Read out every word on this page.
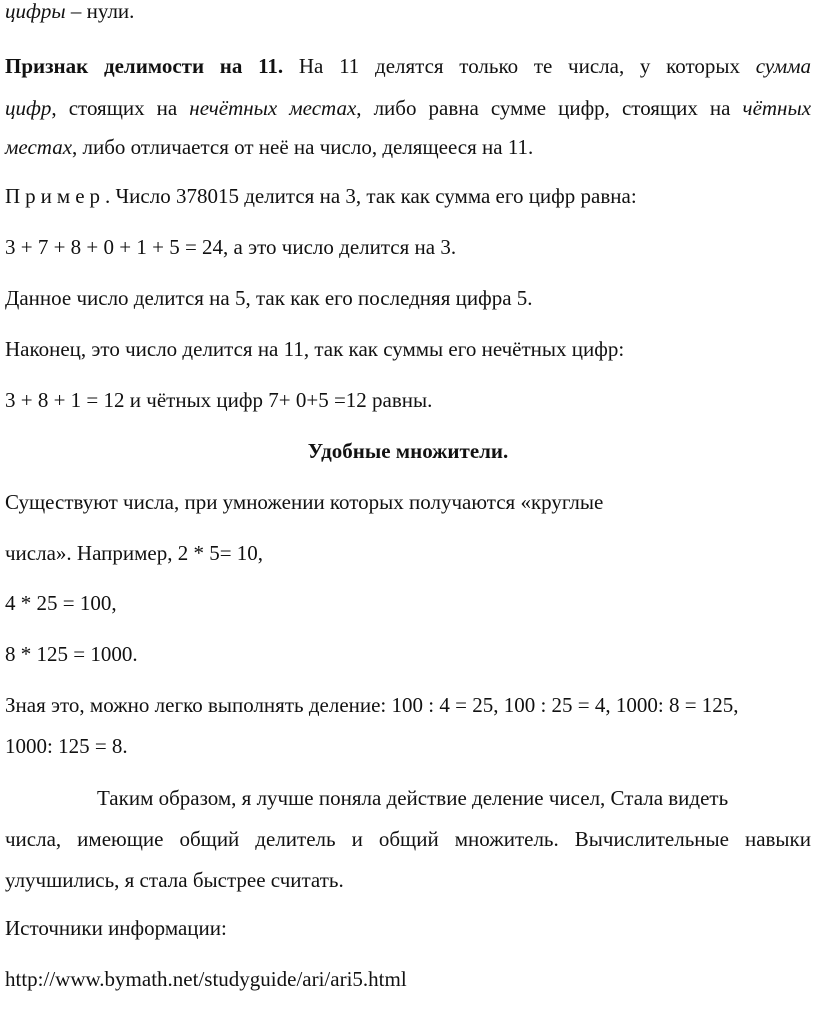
цифры – нули.
Признак делимости на 11. На 11 делятся только те числа, у которых сумма
цифр, стоящих на нечётных местах, либо равна сумме цифр, стоящих на чётных
местах, либо отличается от неё на число, делящееся на 11.
Пример. Число 378015 делится на 3, так как сумма его цифр равна:
3 + 7 + 8 + 0 + 1 + 5 = 24, а это число делится на 3.
Данное число делится на 5, так как его последняя цифра 5.
Наконец, это число делится на 11, так как суммы его нечётных цифр:
3 + 8 + 1 = 12 и чётных цифр 7+ 0+5 =12 равны.
Удобные множители.
Существуют числа, при умножении которых получаются «круглые
числа». Например, 2 * 5= 10,
4 * 25 = 100,
8 * 125 = 1000.
Зная это, можно легко выполнять деление: 100 : 4 = 25, 100 : 25 = 4, 1000: 8 = 125,
1000: 125 = 8.
Таким образом, я лучше поняла действие деление чисел, Стала видеть
числа, имеющие общий делитель и общий множитель. Вычислительные навыки
улучшились, я стала быстрее считать.
Источники информации:
http://www.bymath.net/studyguide/ari/ari5.html
